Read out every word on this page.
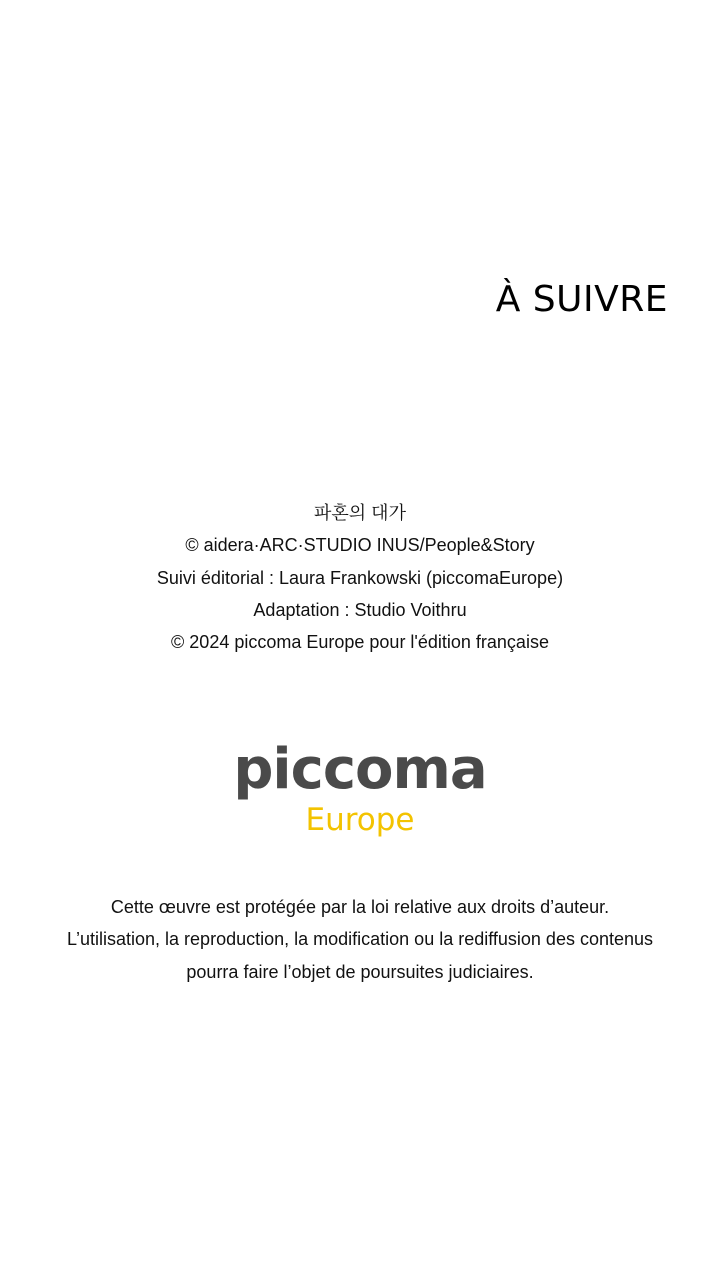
À SUIVRE
파혼의 대가
© aidera·ARC·STUDIO INUS/People&Story
Suivi éditorial : Laura Frankowski (piccomaEurope)
Adaptation : Studio Voithru
© 2024 piccoma Europe pour l'édition française
piccoma
Europe
Cette œuvre est protégée par la loi relative aux droits d’auteur.
L’utilisation, la reproduction, la modification ou la rediffusion des contenus
pourra faire l’objet de poursuites judiciaires.
